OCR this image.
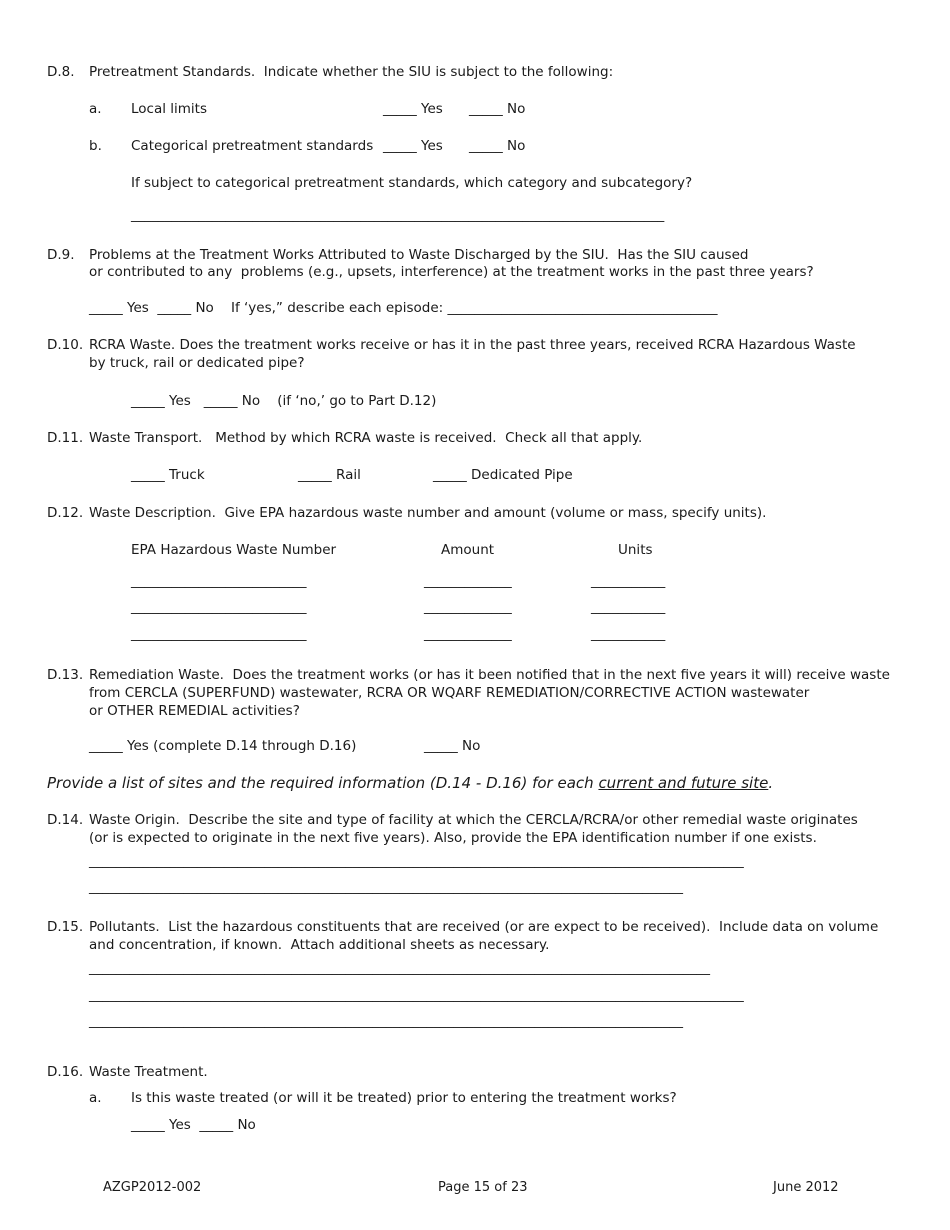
D.8. Pretreatment Standards.  Indicate whether the SIU is subject to the following:
a. Local limits	_____ Yes _____ No
b. Categorical pretreatment standards _____ Yes _____ No
If subject to categorical pretreatment standards, which category and subcategory?
_______________________________________________________________________________
D.9. Problems at the Treatment Works Attributed to Waste Discharged by the SIU.  Has the SIU caused
or contributed to any  problems (e.g., upsets, interference) at the treatment works in the past three years?
_____ Yes  _____ No    If ‘yes,” describe each episode: ________________________________________
D.10. RCRA Waste. Does the treatment works receive or has it in the past three years, received RCRA Hazardous Waste
by truck, rail or dedicated pipe?
_____ Yes   _____ No    (if ‘no,’ go to Part D.12)
D.11. Waste Transport.   Method by which RCRA waste is received.  Check all that apply.
_____ Truck	_____ Rail	_____ Dedicated Pipe
D.12. Waste Description.  Give EPA hazardous waste number and amount (volume or mass, specify units).
EPA Hazardous Waste Number	Amount	Units
__________________________	_____________	___________
__________________________	_____________	___________
__________________________	_____________	___________
D.13. Remediation Waste.  Does the treatment works (or has it been notified that in the next five years it will) receive waste
from CERCLA (SUPERFUND) wastewater, RCRA OR WQARF REMEDIATION/CORRECTIVE ACTION wastewater
or OTHER REMEDIAL activities?
_____ Yes (complete D.14 through D.16)	_____ No
Provide a list of sites and the required information (D.14 - D.16) for each current and future site.
D.14. Waste Origin.  Describe the site and type of facility at which the CERCLA/RCRA/or other remedial waste originates
(or is expected to originate in the next five years). Also, provide the EPA identification number if one exists.
_________________________________________________________________________________________________
________________________________________________________________________________________
D.15. Pollutants.  List the hazardous constituents that are received (or are expect to be received).  Include data on volume
and concentration, if known.  Attach additional sheets as necessary.
____________________________________________________________________________________________
_________________________________________________________________________________________________
________________________________________________________________________________________
D.16. Waste Treatment.
a. Is this waste treated (or will it be treated) prior to entering the treatment works?
_____ Yes  _____ No
AZGP2012-002	Page 15 of 23	June 2012
